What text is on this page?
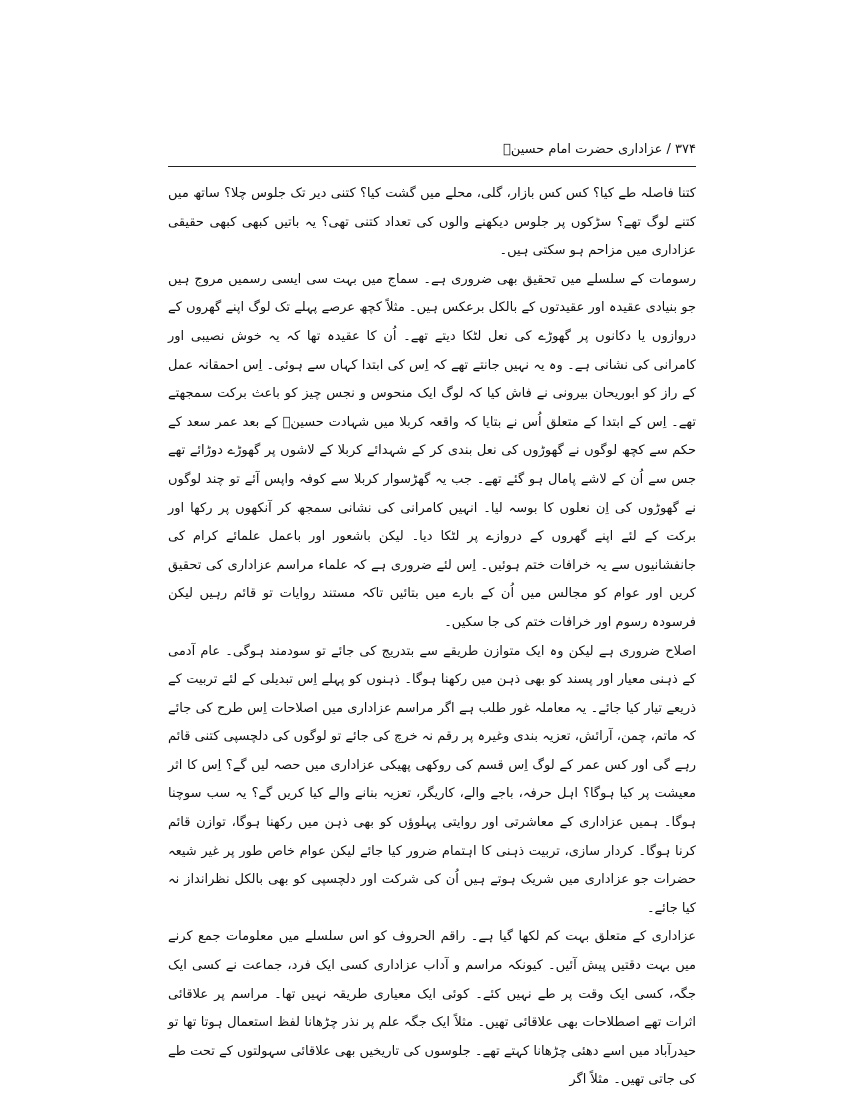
۳۷۴ / عزاداری حضرت امام حسینؑ

کتنا فاصلہ طے کیا؟ کس کس بازار، گلی، محلے میں گشت کیا؟ کتنی دیر تک جلوس چلا؟ ساتھ میں کتنے لوگ تھے؟ سڑکوں پر جلوس دیکھنے والوں کی تعداد کتنی تھی؟ یہ باتیں کبھی کبھی حقیقی عزاداری میں مزاحم ہو سکتی ہیں۔

رسومات کے سلسلے میں تحقیق بھی ضروری ہے۔ سماج میں بہت سی ایسی رسمیں مروج ہیں جو بنیادی عقیدہ اور عقیدتوں کے بالکل برعکس ہیں۔ مثلاً کچھ عرصے پہلے تک لوگ اپنے گھروں کے دروازوں یا دکانوں پر گھوڑے کی نعل لٹکا دیتے تھے۔ اُن کا عقیدہ تھا کہ یہ خوش نصیبی اور کامرانی کی نشانی ہے۔ وہ یہ نہیں جانتے تھے کہ اِس کی ابتدا کہاں سے ہوئی۔ اِس احمقانہ عمل کے راز کو ابوریحان بیرونی نے فاش کیا کہ لوگ ایک منحوس و نجس چیز کو باعث برکت سمجھتے تھے۔ اِس کے ابتدا کے متعلق اُس نے بتایا کہ واقعہ کربلا میں شہادت حسینؑ کے بعد عمر سعد کے حکم سے کچھ لوگوں نے گھوڑوں کی نعل بندی کر کے شہدائے کربلا کے لاشوں پر گھوڑے دوڑائے تھے جس سے اُن کے لاشے پامال ہو گئے تھے۔ جب یہ گھڑسوار کربلا سے کوفہ واپس آئے تو چند لوگوں نے گھوڑوں کی اِن نعلوں کا بوسہ لیا۔ انہیں کامرانی کی نشانی سمجھ کر آنکھوں پر رکھا اور برکت کے لئے اپنے گھروں کے دروازے پر لٹکا دیا۔ لیکن باشعور اور باعمل علمائے کرام کی جانفشانیوں سے یہ خرافات ختم ہوئیں۔ اِس لئے ضروری ہے کہ علماء مراسم عزاداری کی تحقیق کریں اور عوام کو مجالس میں اُن کے بارے میں بتائیں تاکہ مستند روایات تو قائم رہیں لیکن فرسودہ رسوم اور خرافات ختم کی جا سکیں۔

اصلاح ضروری ہے لیکن وہ ایک متوازن طریقے سے بتدریج کی جائے تو سودمند ہوگی۔ عام آدمی کے ذہنی معیار اور پسند کو بھی ذہن میں رکھنا ہوگا۔ ذہنوں کو پہلے اِس تبدیلی کے لئے تربیت کے ذریعے تیار کیا جائے۔ یہ معاملہ غور طلب ہے اگر مراسم عزاداری میں اصلاحات اِس طرح کی جائے کہ ماتم، چمن، آرائش، تعزیہ بندی وغیرہ پر رقم نہ خرچ کی جائے تو لوگوں کی دلچسپی کتنی قائم رہے گی اور کس عمر کے لوگ اِس قسم کی روکھی پھیکی عزاداری میں حصہ لیں گے؟ اِس کا اثر معیشت پر کیا ہوگا؟ اہل حرفہ، باجے والے، کاریگر، تعزیہ بنانے والے کیا کریں گے؟ یہ سب سوچنا ہوگا۔ ہمیں عزاداری کے معاشرتی اور روایتی پہلوؤں کو بھی ذہن میں رکھنا ہوگا، توازن قائم کرنا ہوگا۔ کردار سازی، تربیت ذہنی کا اہتمام ضرور کیا جائے لیکن عوام خاص طور پر غیر شیعہ حضرات جو عزاداری میں شریک ہوتے ہیں اُن کی شرکت اور دلچسپی کو بھی بالکل نظرانداز نہ کیا جائے۔

عزاداری کے متعلق بہت کم لکھا گیا ہے۔ راقم الحروف کو اس سلسلے میں معلومات جمع کرنے میں بہت دقتیں پیش آئیں۔ کیونکہ مراسم و آداب عزاداری کسی ایک فرد، جماعت نے کسی ایک جگہ، کسی ایک وقت پر طے نہیں کئے۔ کوئی ایک معیاری طریقہ نہیں تھا۔ مراسم پر علاقائی اثرات تھے اصطلاحات بھی علاقائی تھیں۔ مثلاً ایک جگہ علم پر نذر چڑھانا لفظ استعمال ہوتا تھا تو حیدرآباد میں اسے دھئی چڑھانا کہتے تھے۔ جلوسوں کی تاریخیں بھی علاقائی سہولتوں کے تحت طے کی جاتی تھیں۔ مثلاً اگر
